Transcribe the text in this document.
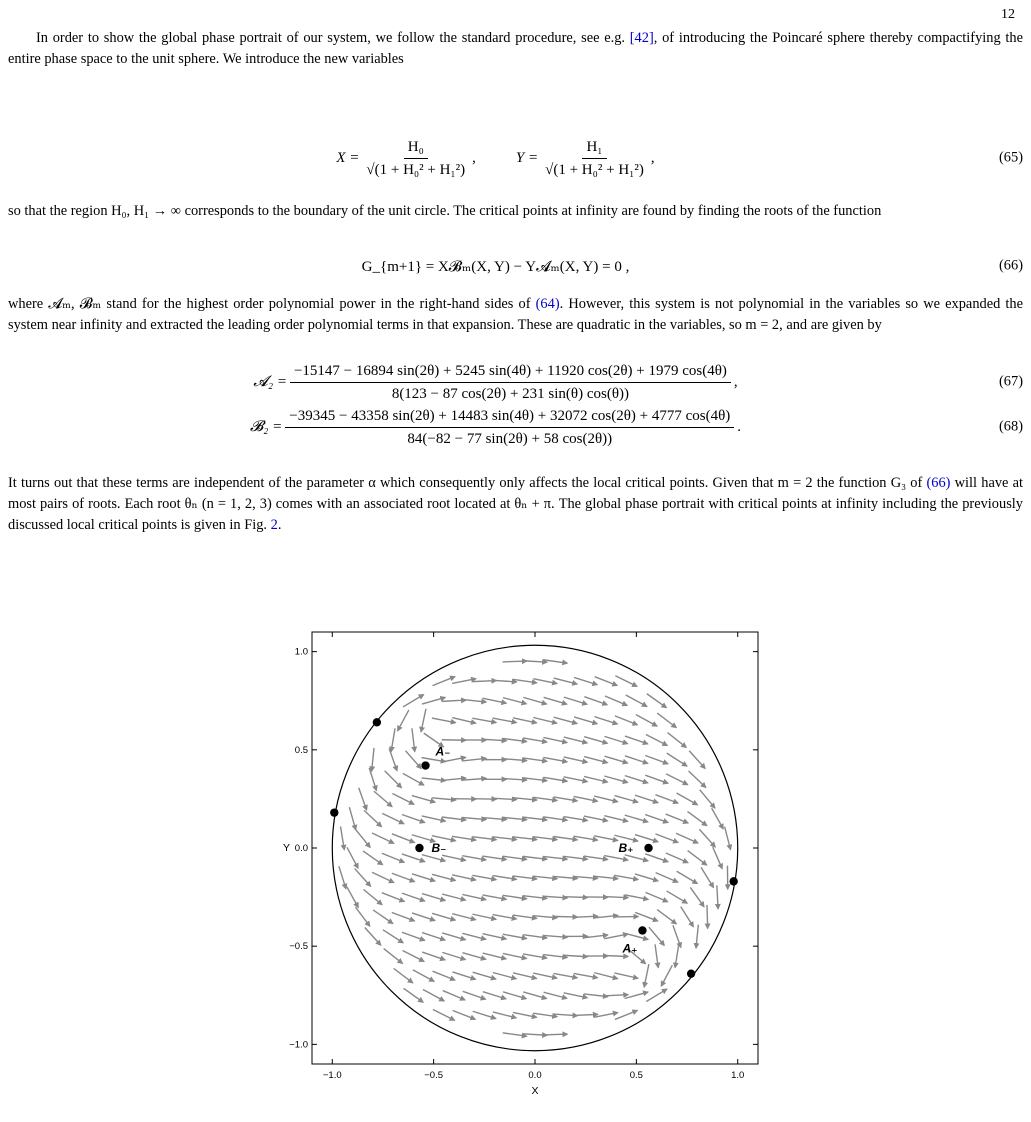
12

In order to show the global phase portrait of our system, we follow the standard procedure, see e.g. [42], of introducing the Poincaré sphere thereby compactifying the entire phase space to the unit sphere. We introduce the new variables

$X = \frac{\text{H₀}}{\text{√(1 + H₀² + H₁²)}}$ ,	$Y = \frac{\text{H₁}}{\text{√(1 + H₀² + H₁²)}}$ ,	(65)

so that the region H₀, H₁ → ∞ corresponds to the boundary of the unit circle. The critical points at infinity are found by finding the roots of the function

G_{m+1} = X𝓑ₘ(X, Y) − Y𝓐ₘ(X, Y) = 0 ,	(66)

where 𝓐ₘ, 𝓑ₘ stand for the highest order polynomial power in the right-hand sides of (64). However, this system is not polynomial in the variables so we expanded the system near infinity and extracted the leading order polynomial terms in that expansion. These are quadratic in the variables, so m = 2, and are given by

𝓐₂ =
−15147 − 16894 sin(2θ) + 5245 sin(4θ) + 11920 cos(2θ) + 1979 cos(4θ)
8(123 − 87 cos(2θ) + 231 sin(θ) cos(θ))
,	(67)
𝓑₂ =
−39345 − 43358 sin(2θ) + 14483 sin(4θ) + 32072 cos(2θ) + 4777 cos(4θ)
84(−82 − 77 sin(2θ) + 58 cos(2θ))
.	(68)

It turns out that these terms are independent of the parameter α which consequently only affects the local critical points. Given that m = 2 the function G₃ of (66) will have at most pairs of roots. Each root θₙ (n = 1, 2, 3) comes with an associated root located at θₙ + π. The global phase portrait with critical points at infinity including the previously discussed local critical points is given in Fig. 2.

−1.0	−0.5	0.0	0.5	1.0
−1.0
−0.5
0.0
0.5
1.0
X
Y
A₋
B₋	B₊
A₊
